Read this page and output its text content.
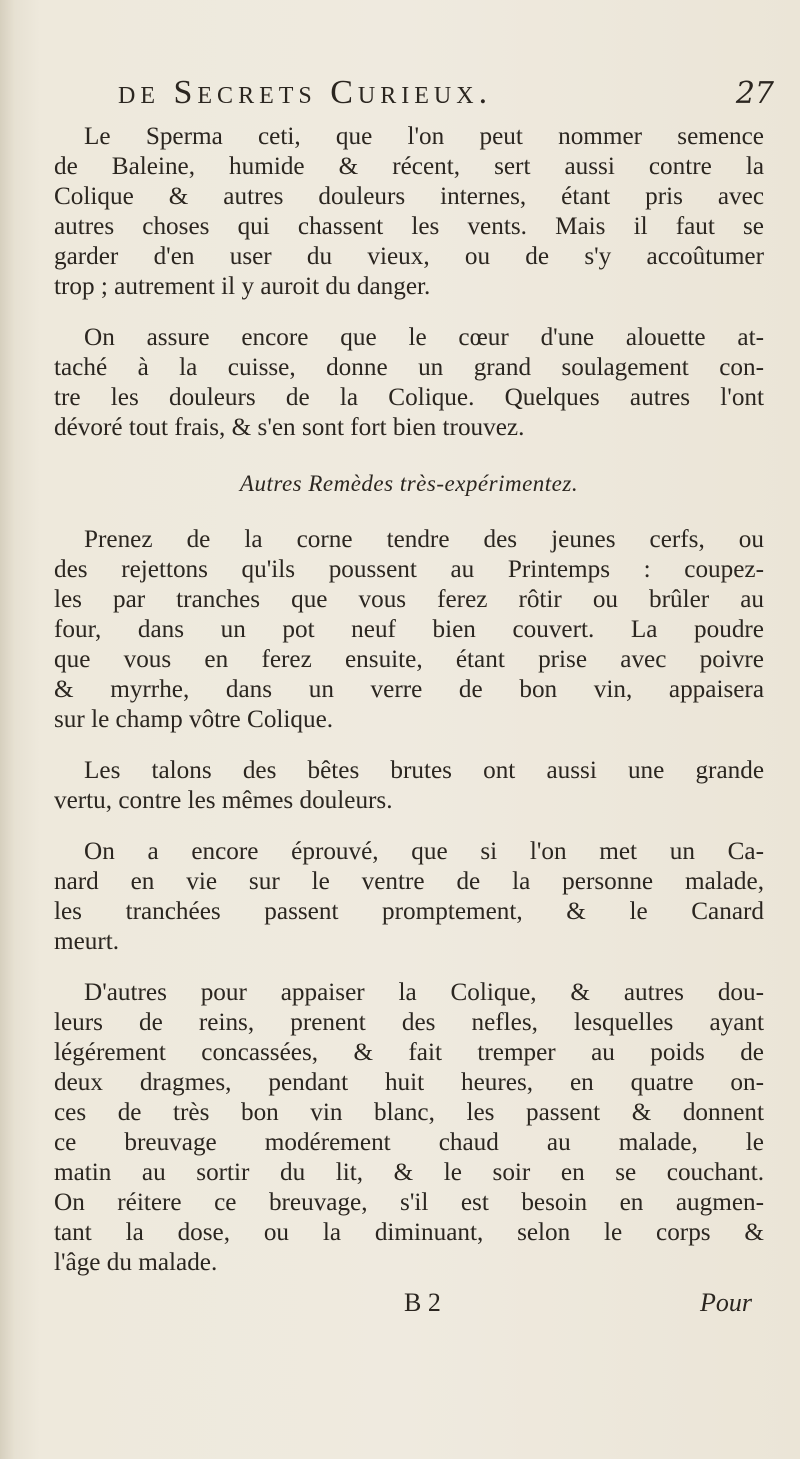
de Secrets Curieux.	27
Le Sperma ceti, que l'on peut nommer semence
de Baleine, humide & récent, sert aussi contre la
Colique & autres douleurs internes, étant pris avec
autres choses qui chassent les vents. Mais il faut se
garder d'en user du vieux, ou de s'y accoûtumer
trop ; autrement il y auroit du danger.
On assure encore que le cœur d'une alouette at-
taché à la cuisse, donne un grand soulagement con-
tre les douleurs de la Colique. Quelques autres l'ont
dévoré tout frais, & s'en sont fort bien trouvez.
Autres Remèdes très-expérimentez.
Prenez de la corne tendre des jeunes cerfs, ou
des rejettons qu'ils poussent au Printemps : coupez-
les par tranches que vous ferez rôtir ou brûler au
four, dans un pot neuf bien couvert. La poudre
que vous en ferez ensuite, étant prise avec poivre
& myrrhe, dans un verre de bon vin, appaisera
sur le champ vôtre Colique.
Les talons des bêtes brutes ont aussi une grande
vertu, contre les mêmes douleurs.
On a encore éprouvé, que si l'on met un Ca-
nard en vie sur le ventre de la personne malade,
les tranchées passent promptement, & le Canard
meurt.
D'autres pour appaiser la Colique, & autres dou-
leurs de reins, prenent des nefles, lesquelles ayant
légérement concassées, & fait tremper au poids de
deux dragmes, pendant huit heures, en quatre on-
ces de très bon vin blanc, les passent & donnent
ce breuvage modérement chaud au malade, le
matin au sortir du lit, & le soir en se couchant.
On réitere ce breuvage, s'il est besoin en augmen-
tant la dose, ou la diminuant, selon le corps &
l'âge du malade.
B 2	Pour
